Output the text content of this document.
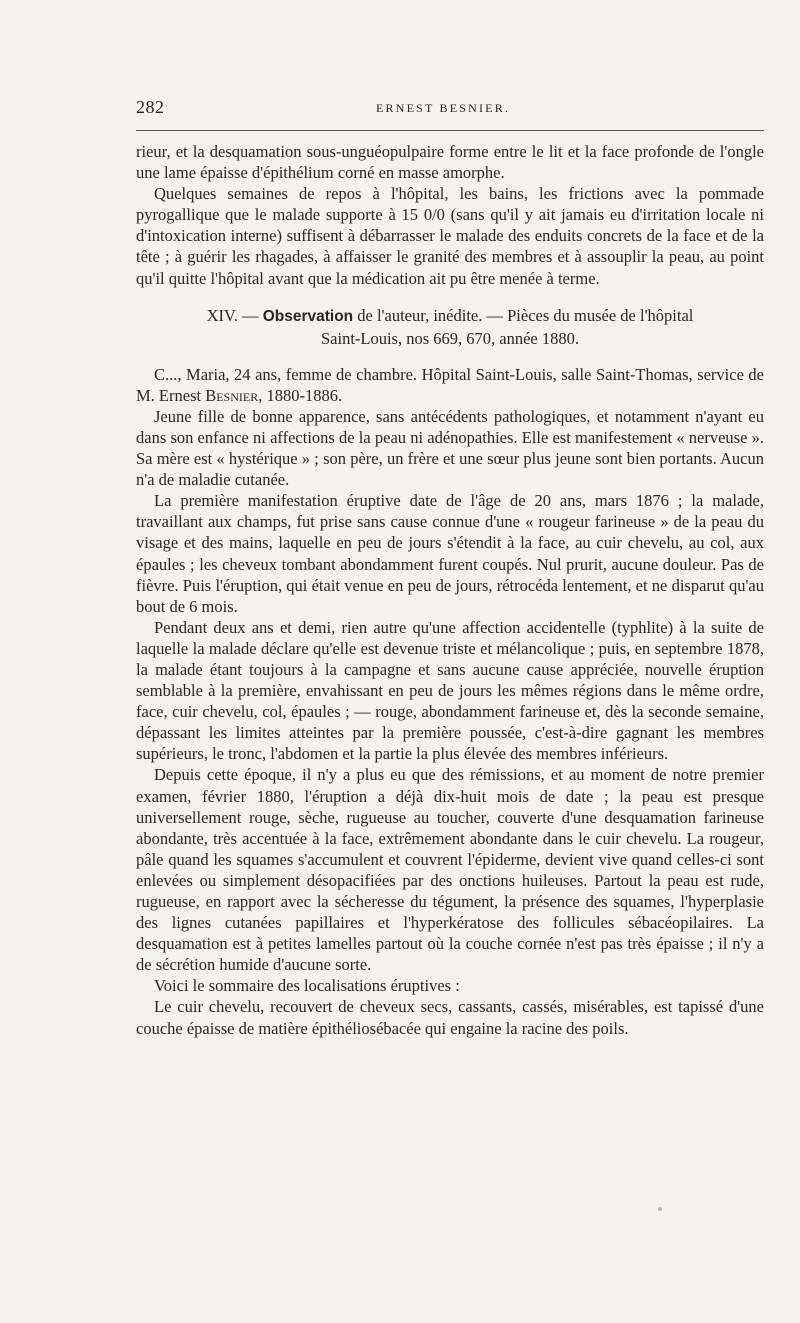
282	ERNEST BESNIER.

rieur, et la desquamation sous-unguéopulpaire forme entre le lit et la face profonde de l'ongle une lame épaisse d'épithélium corné en masse amorphe.

Quelques semaines de repos à l'hôpital, les bains, les frictions avec la pommade pyrogallique que le malade supporte à 15 0/0 (sans qu'il y ait jamais eu d'irritation locale ni d'intoxication interne) suffisent à débarrasser le malade des enduits concrets de la face et de la tête ; à guérir les rhagades, à affaisser le granité des membres et à assouplir la peau, au point qu'il quitte l'hôpital avant que la médication ait pu être menée à terme.

XIV. — Observation de l'auteur, inédite. — Pièces du musée de l'hôpital
Saint-Louis, nos 669, 670, année 1880.

C..., Maria, 24 ans, femme de chambre. Hôpital Saint-Louis, salle Saint-Thomas, service de M. Ernest Besnier, 1880-1886.

Jeune fille de bonne apparence, sans antécédents pathologiques, et notamment n'ayant eu dans son enfance ni affections de la peau ni adénopathies. Elle est manifestement « nerveuse ». Sa mère est « hystérique » ; son père, un frère et une sœur plus jeune sont bien portants. Aucun n'a de maladie cutanée.

La première manifestation éruptive date de l'âge de 20 ans, mars 1876 ; la malade, travaillant aux champs, fut prise sans cause connue d'une « rougeur farineuse » de la peau du visage et des mains, laquelle en peu de jours s'étendit à la face, au cuir chevelu, au col, aux épaules ; les cheveux tombant abondamment furent coupés. Nul prurit, aucune douleur. Pas de fièvre. Puis l'éruption, qui était venue en peu de jours, rétrocéda lentement, et ne disparut qu'au bout de 6 mois.

Pendant deux ans et demi, rien autre qu'une affection accidentelle (typhlite) à la suite de laquelle la malade déclare qu'elle est devenue triste et mélancolique ; puis, en septembre 1878, la malade étant toujours à la campagne et sans aucune cause appréciée, nouvelle éruption semblable à la première, envahissant en peu de jours les mêmes régions dans le même ordre, face, cuir chevelu, col, épaules ; — rouge, abondamment farineuse et, dès la seconde semaine, dépassant les limites atteintes par la première poussée, c'est-à-dire gagnant les membres supérieurs, le tronc, l'abdomen et la partie la plus élevée des membres inférieurs.

Depuis cette époque, il n'y a plus eu que des rémissions, et au moment de notre premier examen, février 1880, l'éruption a déjà dix-huit mois de date ; la peau est presque universellement rouge, sèche, rugueuse au toucher, couverte d'une desquamation farineuse abondante, très accentuée à la face, extrêmement abondante dans le cuir chevelu. La rougeur, pâle quand les squames s'accumulent et couvrent l'épiderme, devient vive quand celles-ci sont enlevées ou simplement désopacifiées par des onctions huileuses. Partout la peau est rude, rugueuse, en rapport avec la sécheresse du tégument, la présence des squames, l'hyperplasie des lignes cutanées papillaires et l'hyperkératose des follicules sébacéopilaires. La desquamation est à petites lamelles partout où la couche cornée n'est pas très épaisse ; il n'y a de sécrétion humide d'aucune sorte.

Voici le sommaire des localisations éruptives :

Le cuir chevelu, recouvert de cheveux secs, cassants, cassés, misérables, est tapissé d'une couche épaisse de matière épithéliosébacée qui engaine la racine des poils.
